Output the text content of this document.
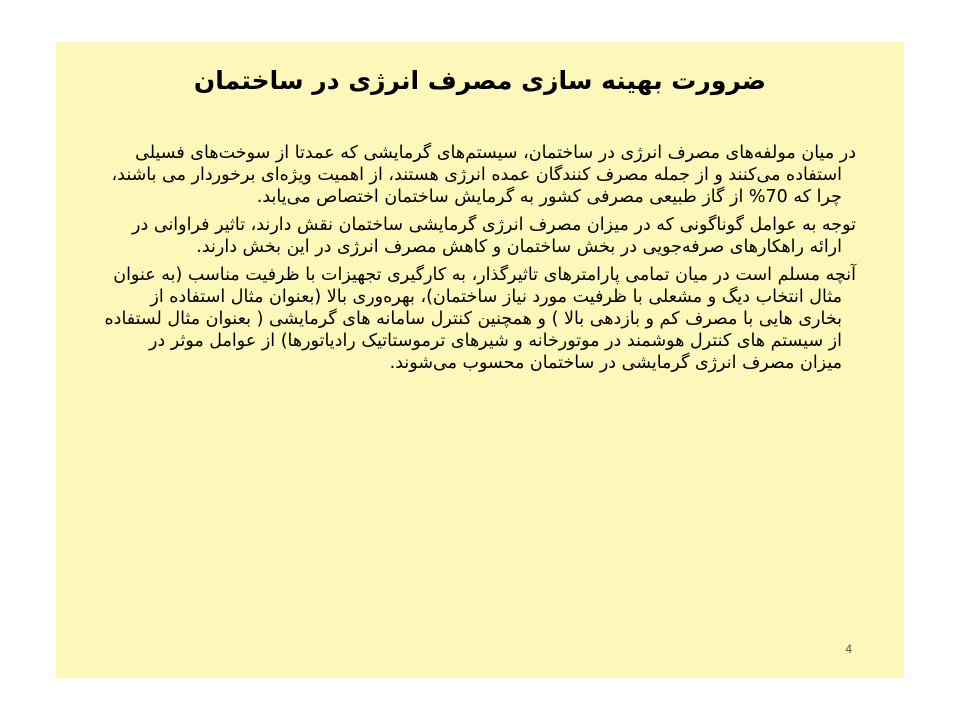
ضرورت بهینه سازی مصرف انرژی در ساختمان

در میان مولفه‌های مصرف انرژی در ساختمان، سیستم‌های گرمایشی که عمدتا از سوخت‌های فسیلی استفاده می‌کنند و از جمله مصرف کنندگان عمده انرژی هستند، از اهمیت ویژه‌ای برخوردار می باشند، چرا که 70% از گاز طبیعی مصرفی کشور به گرمایش ساختمان اختصاص می‌یابد.

توجه به عوامل گوناگونی که در میزان مصرف انرژی گرمایشی ساختمان نقش دارند، تاثیر فراوانی در ارائه راهکارهای صرفه‌جویی در بخش ساختمان و کاهش مصرف انرژی در این بخش دارند.

آنچه مسلم است در میان تمامی پارامترهای تاثیرگذار، به کارگیری تجهیزات با ظرفیت مناسب (به عنوان مثال انتخاب دیگ و مشعلی با ظرفیت مورد نیاز ساختمان)، بهره‌وری بالا (بعنوان مثال استفاده از بخاری هایی با مصرف کم و بازدهی بالا ) و همچنین کنترل سامانه های گرمایشی ( بعنوان مثال لستفاده از سیستم های کنترل هوشمند در موتورخانه و شیرهای ترموستاتیک رادیاتورها) از عوامل موثر در میزان مصرف انرژی گرمایشی در ساختمان محسوب می‌شوند.

4
